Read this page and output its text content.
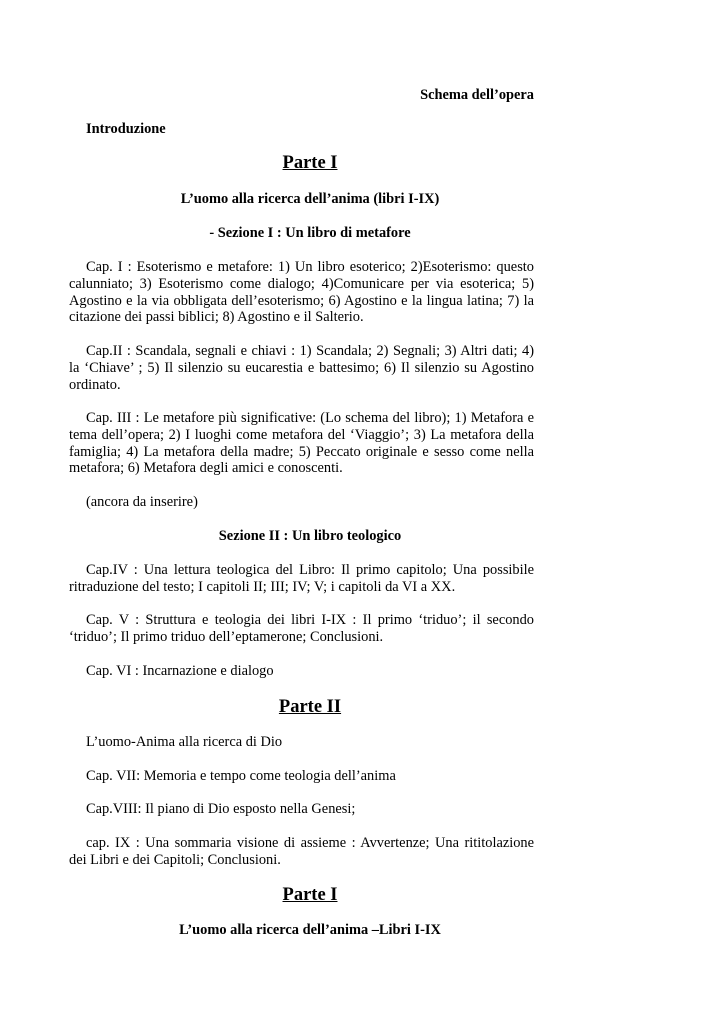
Schema dell’opera
Introduzione
Parte I
L’uomo alla ricerca dell’anima (libri I-IX)
- Sezione I : Un libro di metafore
Cap. I : Esoterismo e metafore: 1) Un libro esoterico; 2)Esoterismo: questo calunniato; 3) Esoterismo come dialogo; 4)Comunicare per via esoterica; 5) Agostino e la via obbligata dell’esoterismo; 6) Agostino e la lingua latina; 7) la citazione dei passi biblici; 8) Agostino e il Salterio.
Cap.II : Scandala, segnali e chiavi : 1) Scandala; 2) Segnali; 3) Altri dati; 4) la ‘Chiave’ ; 5) Il silenzio su eucarestia e battesimo; 6) Il silenzio su Agostino ordinato.
Cap. III : Le metafore più significative: (Lo schema del libro); 1) Metafora e tema dell’opera; 2) I luoghi come metafora del ‘Viaggio’; 3) La metafora della famiglia; 4) La metafora della madre; 5) Peccato originale e sesso come nella metafora; 6) Metafora degli amici e conoscenti.
(ancora da inserire)
Sezione II : Un libro teologico
Cap.IV : Una lettura teologica del Libro: Il primo capitolo; Una possibile ritraduzione del testo; I capitoli II; III; IV; V; i capitoli da VI a XX.
Cap. V : Struttura e teologia dei libri I-IX : Il primo ‘triduo’; il secondo ‘triduo’; Il primo triduo dell’eptamerone; Conclusioni.
Cap. VI : Incarnazione e dialogo
Parte II
L’uomo-Anima alla ricerca di Dio
Cap. VII: Memoria e tempo come teologia dell’anima
Cap.VIII: Il piano di Dio esposto nella Genesi;
cap. IX : Una sommaria visione di assieme : Avvertenze; Una rititolazione dei Libri e dei Capitoli; Conclusioni.
Parte I
L’uomo alla ricerca dell’anima –Libri I-IX
